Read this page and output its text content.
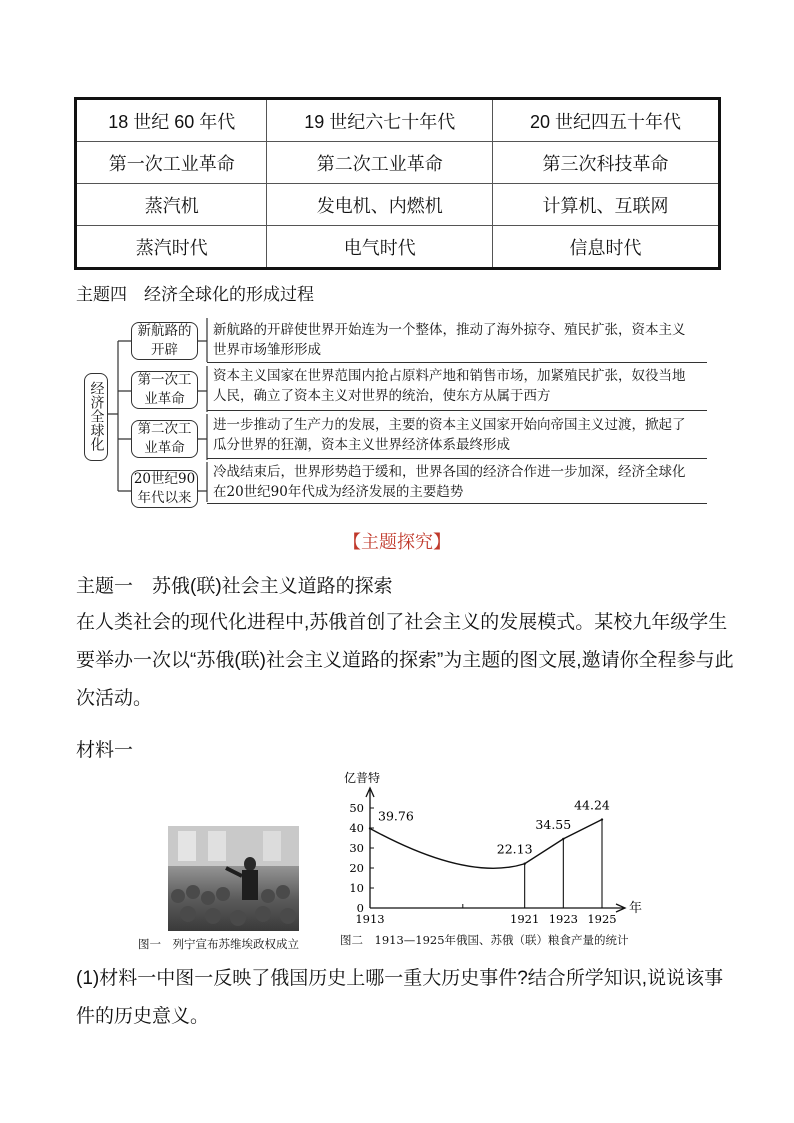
18 世纪 60 年代	19 世纪六七十年代	20 世纪四五十年代
第一次工业革命	第二次工业革命	第三次科技革命
蒸汽机	发电机、内燃机	计算机、互联网
蒸汽时代	电气时代	信息时代
主题四　经济全球化的形成过程
经济全球化
新航路的
开辟
新航路的开辟使世界开始连为一个整体，推动了海外掠夺、殖民扩张，资本主义
世界市场雏形形成
第一次工
业革命
资本主义国家在世界范围内抢占原料产地和销售市场，加紧殖民扩张，奴役当地
人民，确立了资本主义对世界的统治，使东方从属于西方
第二次工
业革命
进一步推动了生产力的发展，主要的资本主义国家开始向帝国主义过渡，掀起了
瓜分世界的狂潮，资本主义世界经济体系最终形成
20世纪90
年代以来
冷战结束后，世界形势趋于缓和，世界各国的经济合作进一步加深，经济全球化
在20世纪90年代成为经济发展的主要趋势
【主题探究】
主题一　苏俄(联)社会主义道路的探索
在人类社会的现代化进程中,苏俄首创了社会主义的发展模式。某校九年级学生
要举办一次以“苏俄(联)社会主义道路的探索”为主题的图文展,邀请你全程参与此
次活动。
材料一
图一　列宁宣布苏维埃政权成立
亿普特
年
0
10
20
30
40
50
1913	1921 1923 1925
39.76
22.13
34.55
44.24
图二　1913—1925年俄国、苏俄（联）粮食产量的统计
(1)材料一中图一反映了俄国历史上哪一重大历史事件?结合所学知识,说说该事
件的历史意义。
